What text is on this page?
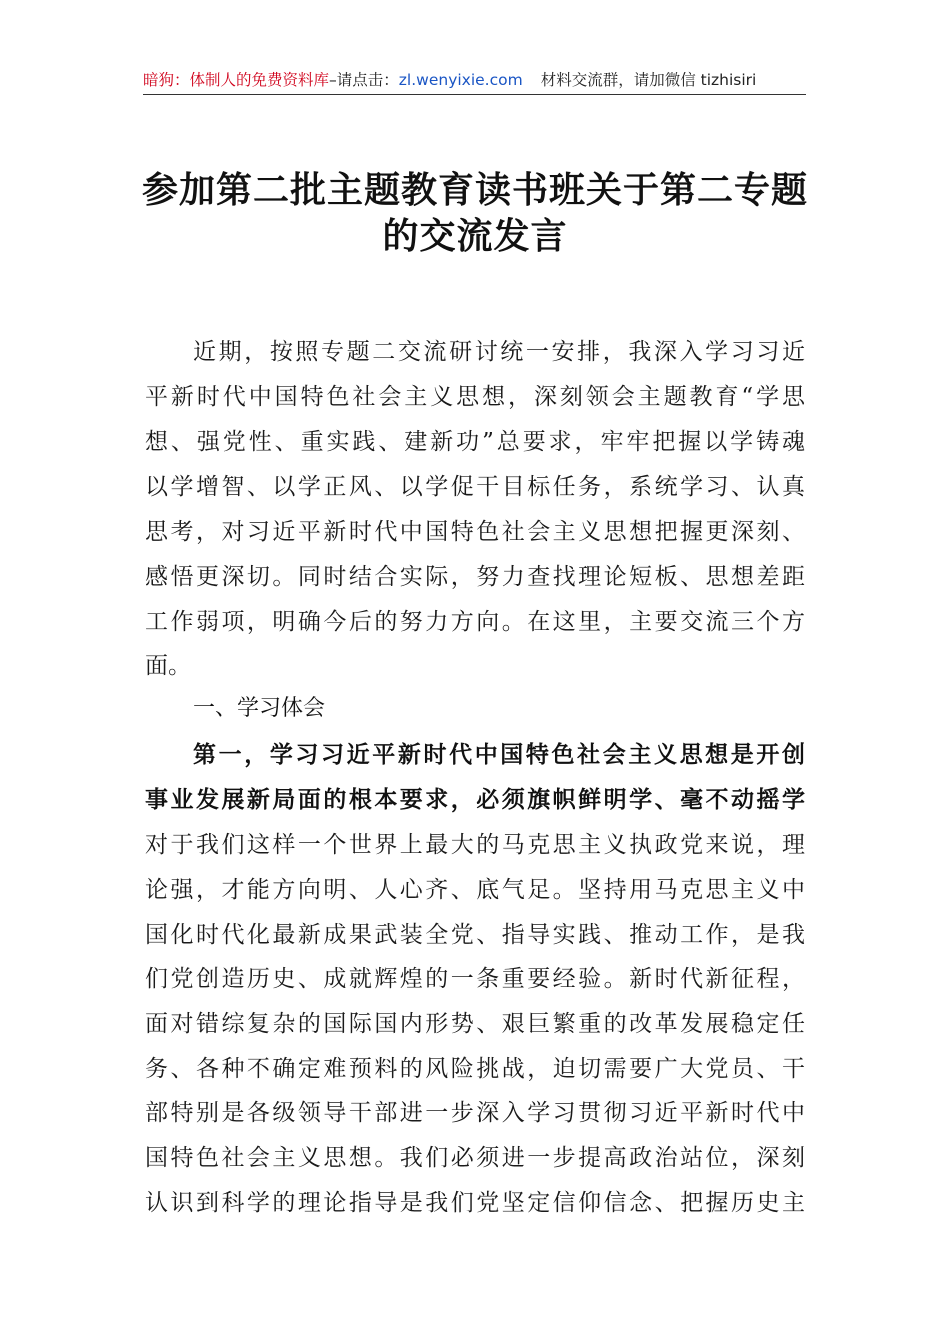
暗狗：体制人的免费资料库–请点击：zl.wenyixie.com 材料交流群，请加微信 tizhisiri
参加第二批主题教育读书班关于第二专题
的交流发言
近期，按照专题二交流研讨统一安排，我深入学习习近
平新时代中国特色社会主义思想，深刻领会主题教育“学思
想、强党性、重实践、建新功”总要求，牢牢把握以学铸魂
以学增智、以学正风、以学促干目标任务，系统学习、认真
思考，对习近平新时代中国特色社会主义思想把握更深刻、
感悟更深切。同时结合实际，努力查找理论短板、思想差距
工作弱项，明确今后的努力方向。在这里，主要交流三个方
面。
一、学习体会
第一，学习习近平新时代中国特色社会主义思想是开创
事业发展新局面的根本要求，必须旗帜鲜明学、毫不动摇学
对于我们这样一个世界上最大的马克思主义执政党来说，理
论强，才能方向明、人心齐、底气足。坚持用马克思主义中
国化时代化最新成果武装全党、指导实践、推动工作，是我
们党创造历史、成就辉煌的一条重要经验。新时代新征程，
面对错综复杂的国际国内形势、艰巨繁重的改革发展稳定任
务、各种不确定难预料的风险挑战，迫切需要广大党员、干
部特别是各级领导干部进一步深入学习贯彻习近平新时代中
国特色社会主义思想。我们必须进一步提高政治站位，深刻
认识到科学的理论指导是我们党坚定信仰信念、把握历史主
